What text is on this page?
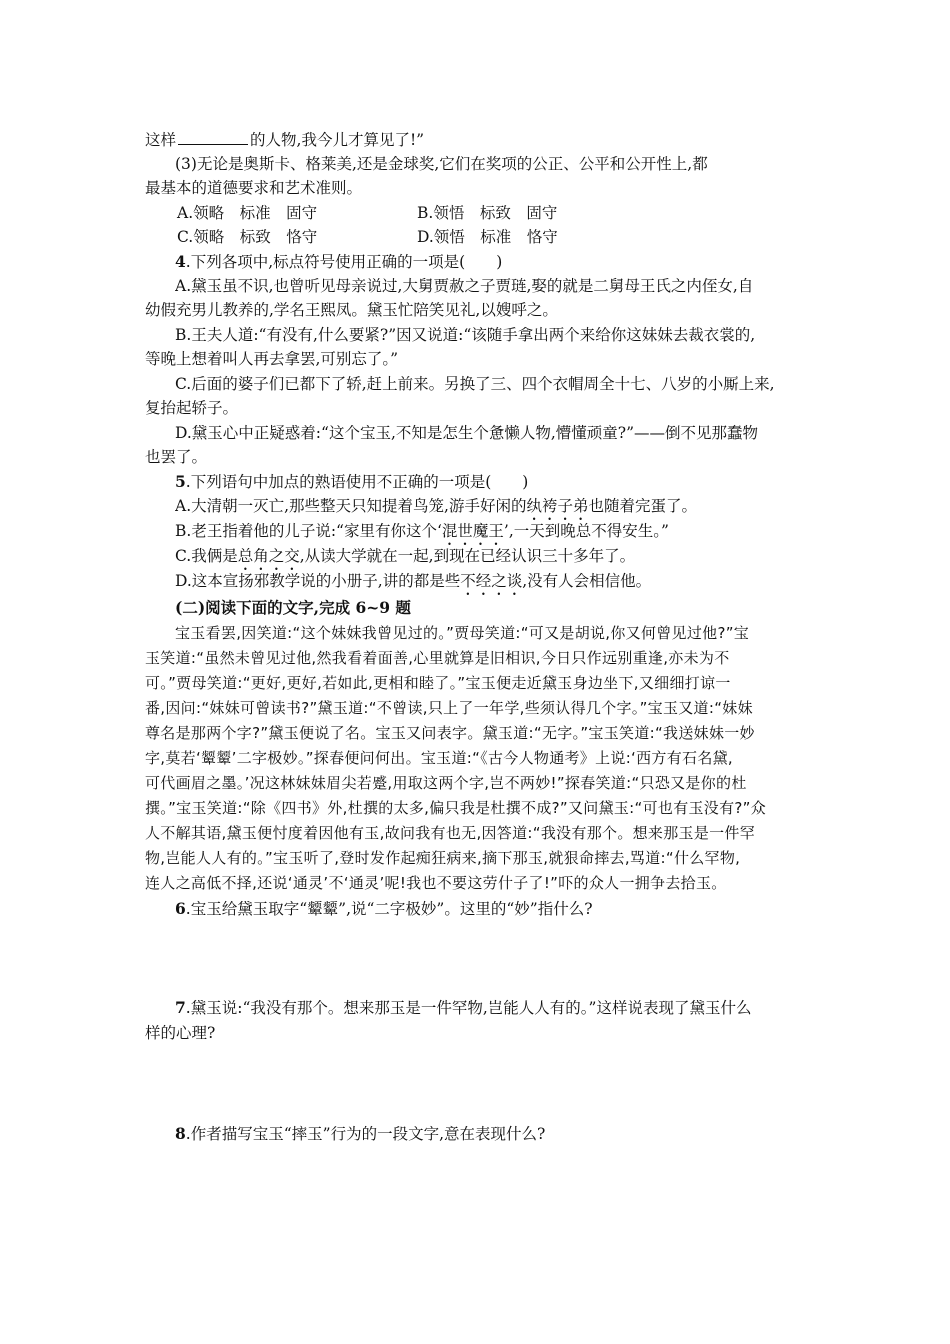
这样	的人物,我今儿才算见了!”
(3)无论是奥斯卡、格莱美,还是金球奖,它们在奖项的公正、公平和公开性上,都
最基本的道德要求和艺术准则。
A.领略　标准　固守	B.领悟　标致　固守
C.领略　标致　恪守	D.领悟　标准　恪守
4.下列各项中,标点符号使用正确的一项是(　　)
A.黛玉虽不识,也曾听见母亲说过,大舅贾赦之子贾琏,娶的就是二舅母王氏之内侄女,自
幼假充男儿教养的,学名王熙凤。黛玉忙陪笑见礼,以嫂呼之。
B.王夫人道:“有没有,什么要紧?”因又说道:“该随手拿出两个来给你这妹妹去裁衣裳的,
等晚上想着叫人再去拿罢,可别忘了。”
C.后面的婆子们已都下了轿,赶上前来。另换了三、四个衣帽周全十七、八岁的小厮上来,
复抬起轿子。
D.黛玉心中正疑惑着:“这个宝玉,不知是怎生个惫懒人物,懵懂顽童?”——倒不见那蠢物
也罢了。
5.下列语句中加点的熟语使用不正确的一项是(　　)
A.大清朝一灭亡,那些整天只知提着鸟笼,游手好闲的纨袴子弟也随着完蛋了。
B.老王指着他的儿子说:“家里有你这个‘混世魔王’,一天到晚总不得安生。”
C.我俩是总角之交,从读大学就在一起,到现在已经认识三十多年了。
D.这本宣扬邪教学说的小册子,讲的都是些不经之谈,没有人会相信他。
(二)阅读下面的文字,完成 6~9 题
宝玉看罢,因笑道:“这个妹妹我曾见过的。”贾母笑道:“可又是胡说,你又何曾见过他?”宝
玉笑道:“虽然未曾见过他,然我看着面善,心里就算是旧相识,今日只作远别重逢,亦未为不
可。”贾母笑道:“更好,更好,若如此,更相和睦了。”宝玉便走近黛玉身边坐下,又细细打谅一
番,因问:“妹妹可曾读书?”黛玉道:“不曾读,只上了一年学,些须认得几个字。”宝玉又道:“妹妹
尊名是那两个字?”黛玉便说了名。宝玉又问表字。黛玉道:“无字。”宝玉笑道:“我送妹妹一妙
字,莫若‘颦颦’二字极妙。”探春便问何出。宝玉道:“《古今人物通考》上说:‘西方有石名黛,
可代画眉之墨。’况这林妹妹眉尖若蹙,用取这两个字,岂不两妙!”探春笑道:“只恐又是你的杜
撰。”宝玉笑道:“除《四书》外,杜撰的太多,偏只我是杜撰不成?”又问黛玉:“可也有玉没有?”众
人不解其语,黛玉便忖度着因他有玉,故问我有也无,因答道:“我没有那个。想来那玉是一件罕
物,岂能人人有的。”宝玉听了,登时发作起痴狂病来,摘下那玉,就狠命摔去,骂道:“什么罕物,
连人之高低不择,还说‘通灵’不‘通灵’呢!我也不要这劳什子了!”吓的众人一拥争去拾玉。
6.宝玉给黛玉取字“颦颦”,说“二字极妙”。这里的“妙”指什么?
7.黛玉说:“我没有那个。想来那玉是一件罕物,岂能人人有的。”这样说表现了黛玉什么
样的心理?
8.作者描写宝玉“摔玉”行为的一段文字,意在表现什么?
